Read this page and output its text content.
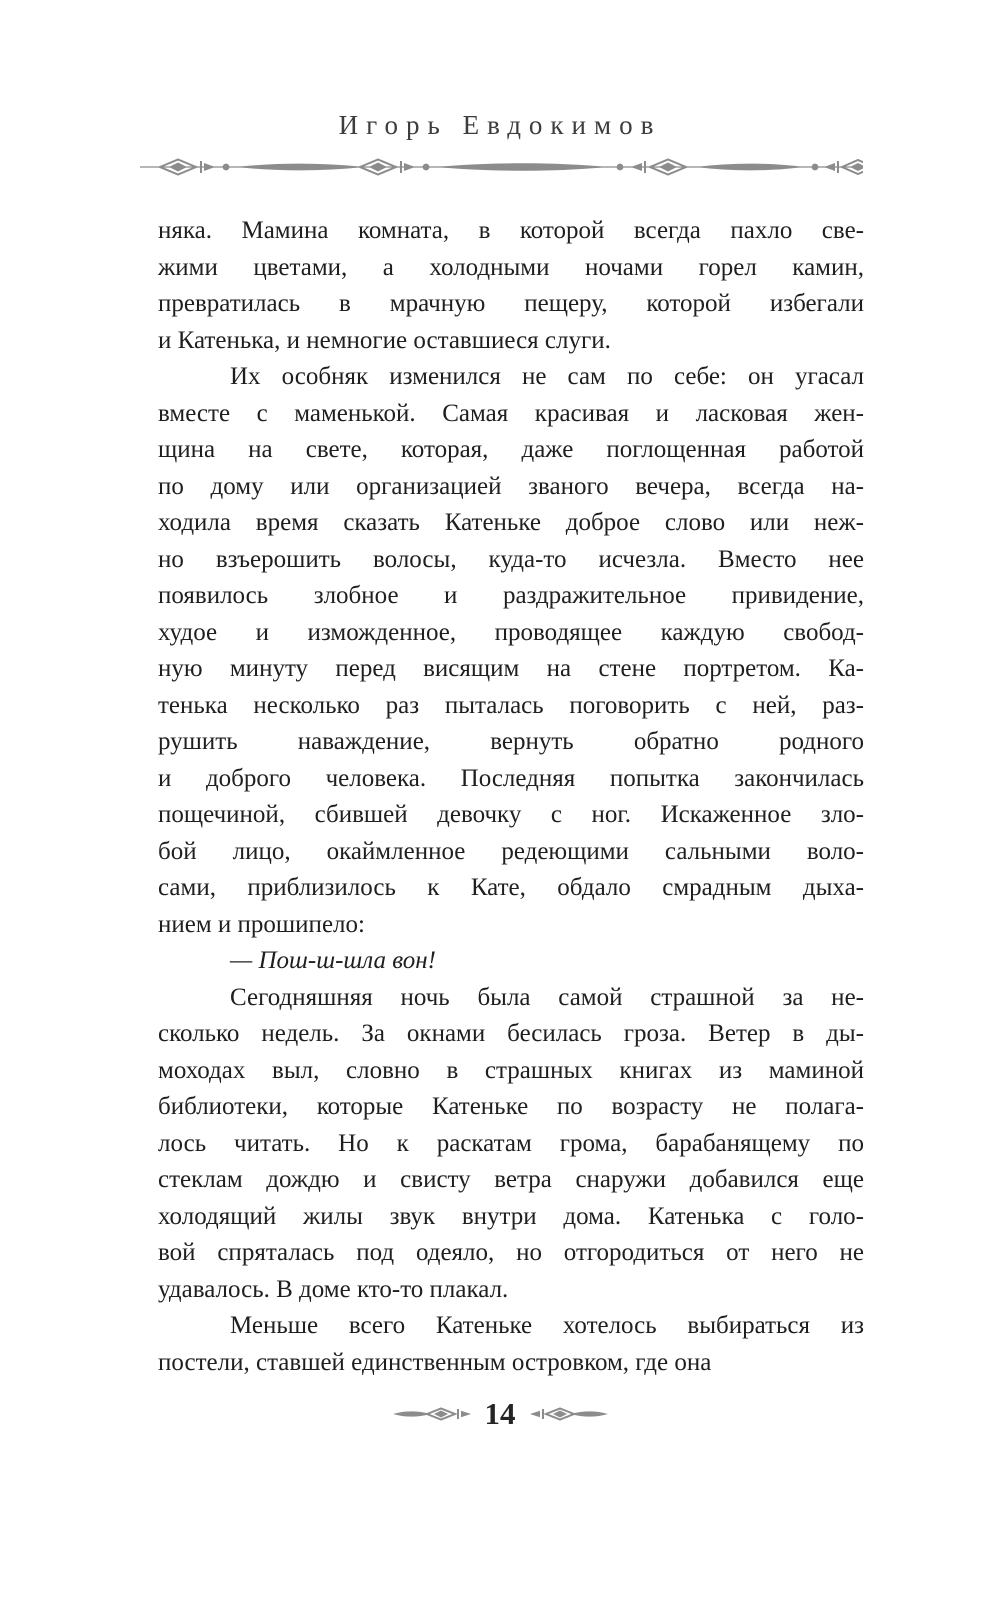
Игорь Евдокимов
няка. Мамина комната, в которой всегда пахло све-
жими цветами, а холодными ночами горел камин,
превратилась в мрачную пещеру, которой избегали
и Катенька, и немногие оставшиеся слуги.
Их особняк изменился не сам по себе: он угасал
вместе с маменькой. Самая красивая и ласковая жен-
щина на свете, которая, даже поглощенная работой
по дому или организацией званого вечера, всегда на-
ходила время сказать Катеньке доброе слово или неж-
но взъерошить волосы, куда-то исчезла. Вместо нее
появилось злобное и раздражительное привидение,
худое и изможденное, проводящее каждую свобод-
ную минуту перед висящим на стене портретом. Ка-
тенька несколько раз пыталась поговорить с ней, раз-
рушить наваждение, вернуть обратно родного
и доброго человека. Последняя попытка закончилась
пощечиной, сбившей девочку с ног. Искаженное зло-
бой лицо, окаймленное редеющими сальными воло-
сами, приблизилось к Кате, обдало смрадным дыха-
нием и прошипело:
— Пош-ш-шла вон!
Сегодняшняя ночь была самой страшной за не-
сколько недель. За окнами бесилась гроза. Ветер в ды-
моходах выл, словно в страшных книгах из маминой
библиотеки, которые Катеньке по возрасту не полага-
лось читать. Но к раскатам грома, барабанящему по
стеклам дождю и свисту ветра снаружи добавился еще
холодящий жилы звук внутри дома. Катенька с голо-
вой спряталась под одеяло, но отгородиться от него не
удавалось. В доме кто-то плакал.
Меньше всего Катеньке хотелось выбираться из
постели, ставшей единственным островком, где она
14
